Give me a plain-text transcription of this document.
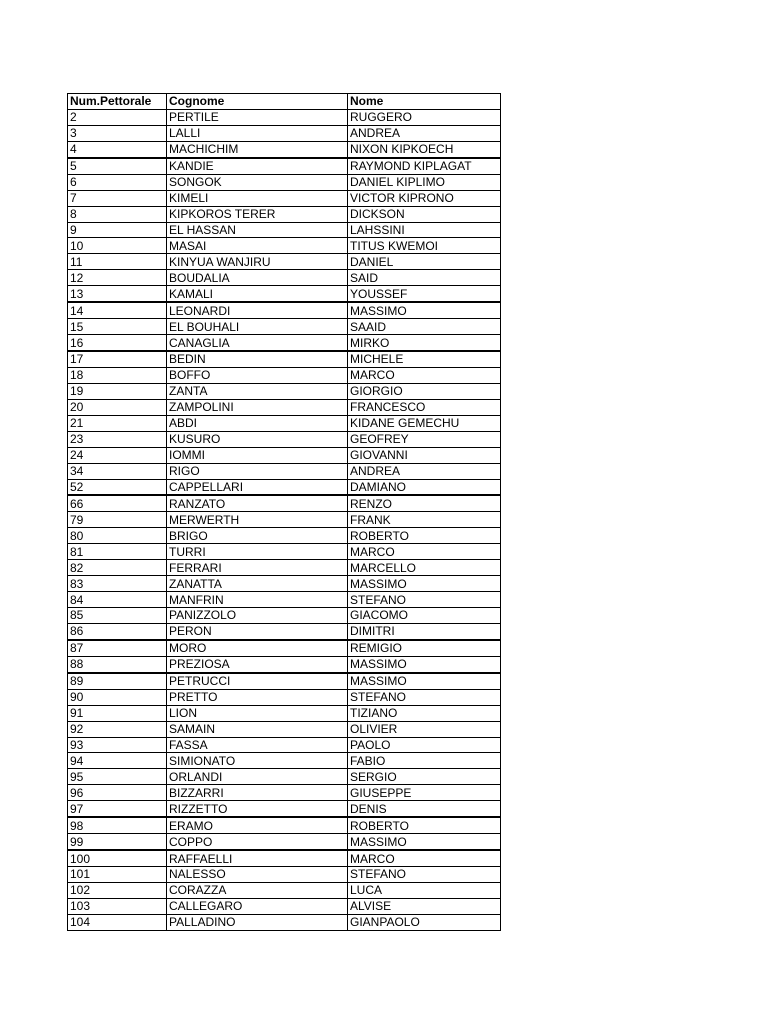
Num.Pettorale	Cognome	Nome
2	PERTILE	RUGGERO
3	LALLI	ANDREA
4	MACHICHIM	NIXON KIPKOECH
5	KANDIE	RAYMOND KIPLAGAT
6	SONGOK	DANIEL KIPLIMO
7	KIMELI	VICTOR KIPRONO
8	KIPKOROS TERER	DICKSON
9	EL HASSAN	LAHSSINI
10	MASAI	TITUS KWEMOI
11	KINYUA WANJIRU	DANIEL
12	BOUDALIA	SAID
13	KAMALI	YOUSSEF
14	LEONARDI	MASSIMO
15	EL BOUHALI	SAAID
16	CANAGLIA	MIRKO
17	BEDIN	MICHELE
18	BOFFO	MARCO
19	ZANTA	GIORGIO
20	ZAMPOLINI	FRANCESCO
21	ABDI	KIDANE GEMECHU
23	KUSURO	GEOFREY
24	IOMMI	GIOVANNI
34	RIGO	ANDREA
52	CAPPELLARI	DAMIANO
66	RANZATO	RENZO
79	MERWERTH	FRANK
80	BRIGO	ROBERTO
81	TURRI	MARCO
82	FERRARI	MARCELLO
83	ZANATTA	MASSIMO
84	MANFRIN	STEFANO
85	PANIZZOLO	GIACOMO
86	PERON	DIMITRI
87	MORO	REMIGIO
88	PREZIOSA	MASSIMO
89	PETRUCCI	MASSIMO
90	PRETTO	STEFANO
91	LION	TIZIANO
92	SAMAIN	OLIVIER
93	FASSA	PAOLO
94	SIMIONATO	FABIO
95	ORLANDI	SERGIO
96	BIZZARRI	GIUSEPPE
97	RIZZETTO	DENIS
98	ERAMO	ROBERTO
99	COPPO	MASSIMO
100	RAFFAELLI	MARCO
101	NALESSO	STEFANO
102	CORAZZA	LUCA
103	CALLEGARO	ALVISE
104	PALLADINO	GIANPAOLO
